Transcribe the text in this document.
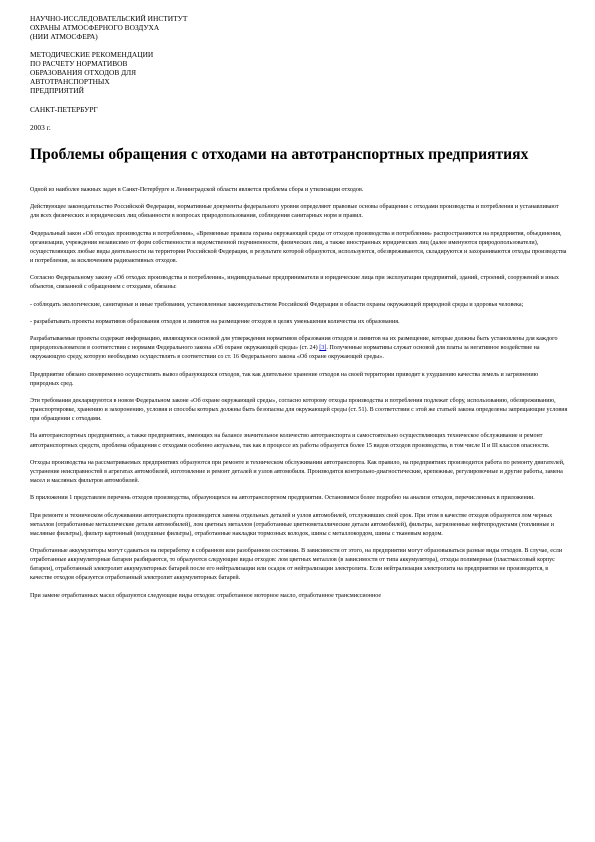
НАУЧНО-ИССЛЕДОВАТЕЛЬСКИЙ ИНСТИТУТ
ОХРАНЫ АТМОСФЕРНОГО ВОЗДУХА
(НИИ АТМОСФЕРА)
МЕТОДИЧЕСКИЕ РЕКОМЕНДАЦИИ
ПО РАСЧЕТУ НОРМАТИВОВ
ОБРАЗОВАНИЯ ОТХОДОВ ДЛЯ
АВТОТРАНСПОРТНЫХ
ПРЕДПРИЯТИЙ
САНКТ-ПЕТЕРБУРГ
2003 г.
Проблемы обращения с отходами на автотранспортных предприятиях

Одной из наиболее важных задач в Санкт-Петербурге и Ленинградской области является проблема сбора и утилизации отходов.

Действующее законодательство Российской Федерации, нормативные документы федерального уровня определяют правовые основы обращения с отходами производства и потребления и устанавливают для всех физических и юридических лиц обязанности в вопросах природопользования, соблюдения санитарных норм и правил.

Федеральный закон «Об отходах производства и потребления», «Временные правила охраны окружающей среды от отходов производства и потребления» распространяются на предприятия, объединения, организации, учреждения независимо от форм собственности и ведомственной подчиненности, физических лиц, а также иностранных юридических лиц (далее именуются природопользователи), осуществляющих любые виды деятельности на территории Российской Федерации, в результате которой образуются, используются, обезвреживаются, складируются и захораниваются отходы производства и потребления, за исключением радиоактивных отходов.

Согласно Федеральному закону «Об отходах производства и потребления», индивидуальные предприниматели и юридические лица при эксплуатации предприятий, зданий, строений, сооружений и иных объектов, связанной с обращением с отходами, обязаны:

- соблюдать экологические, санитарные и иные требования, установленные законодательством Российской Федерации в области охраны окружающей природной среды и здоровья человека;

- разрабатывать проекты нормативов образования отходов и лимитов на размещение отходов в целях уменьшения количества их образования.

Разрабатываемые проекты содержат информацию, являющуюся основой для утверждения нормативов образования отходов и лимитов на их размещение, которые должны быть установлены для каждого природопользователя в соответствии с нормами Федерального закона «Об охране окружающей среды» (ст. 24) [3]. Полученные нормативы служат основой для платы за негативное воздействие на окружающую среду, которую необходимо осуществлять в соответствии со ст. 16 Федерального закона «Об охране окружающей среды».

Предприятие обязано своевременно осуществлять вывоз образующихся отходов, так как длительное хранение отходов на своей территории приводит к ухудшению качества земель и загрязнению природных сред.

Эти требования декларируются в новом Федеральном законе «Об охране окружающей среды», согласно которому отходы производства и потребления подлежат сбору, использованию, обезвреживанию, транспортировке, хранению и захоронению, условия и способы которых должны быть безопасны для окружающей среды (ст. 51). В соответствии с этой же статьей закона определены запрещающие условия при обращении с отходами.

На автотранспортных предприятиях, а также предприятиях, имеющих на балансе значительное количество автотранспорта и самостоятельно осуществляющих техническое обслуживание и ремонт автотранспортных средств, проблема обращения с отходами особенно актуальна, так как в процессе их работы образуется более 15 видов отходов производства, в том числе II и III классов опасности.

Отходы производства на рассматриваемых предприятиях образуются при ремонте и техническом обслуживании автотранспорта. Как правило, на предприятиях производится работа по ремонту двигателей, устранение неисправностей в агрегатах автомобилей, изготовление и ремонт деталей и узлов автомобиля. Производятся контрольно-диагностические, крепежные, регулировочные и другие работы, замена масел и масляных фильтров автомобилей.

В приложении 1 представлен перечень отходов производства, образующихся на автотранспортном предприятии. Остановимся более подробно на анализе отходов, перечисленных в приложении.

При ремонте и техническом обслуживании автотранспорта производится замена отдельных деталей и узлов автомобилей, отслуживших свой срок. При этом в качестве отходов образуются лом черных металлов (отработанные металлические детали автомобилей), лом цветных металлов (отработанные цветнометаллические детали автомобилей), фильтры, загрязненные нефтепродуктами (топливные и масляные фильтры), фильтр картонный (воздушные фильтры), отработанные накладки тормозных колодок, шины с металлокордом, шины с тканевым кордом.

Отработанные аккумуляторы могут сдаваться на переработку в собранном или разобранном состоянии. В зависимости от этого, на предприятии могут образовываться разные виды отходов. В случае, если отработанные аккумуляторные батареи разбираются, то образуются следующие виды отходов: лом цветных металлов (в зависимости от типа аккумулятора), отходы полимерные (пластмассовый корпус батареи), отработанный электролит аккумуляторных батарей после его нейтрализации или осадок от нейтрализации электролита. Если нейтрализация электролита на предприятии не производится, в качестве отходов образуется отработанный электролит аккумуляторных батарей.

При замене отработанных масел образуются следующие виды отходов: отработанное моторное масло, отработанное трансмиссионное
